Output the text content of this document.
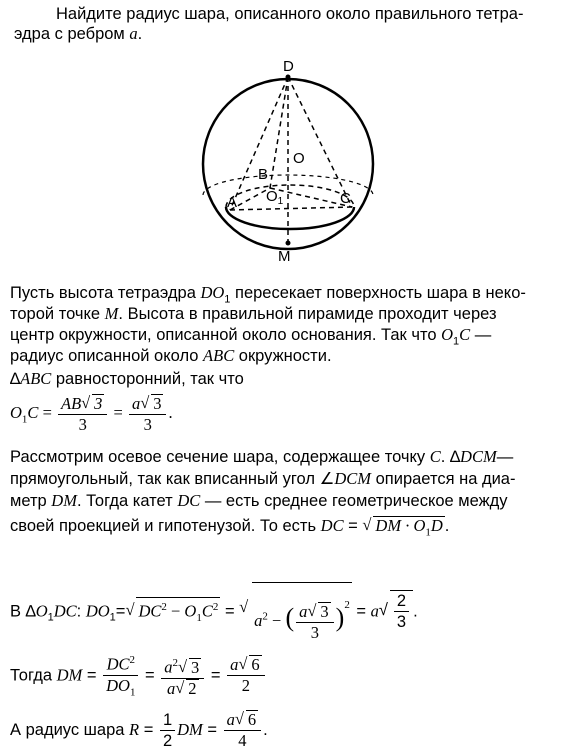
Найдите радиус шара, описанного около правильного тетра-
эдра с ребром a.
D
O
B
$O_1$
A	C
M
Пусть высота тетраэдра $DO_1$ пересекает поверхность шара в неко-
торой точке M. Высота в правильной пирамиде проходит через
центр окружности, описанной около основания. Так что $O_1C$ —
радиус описанной около ABC окружности.
∆ABC равносторонний, так что
$O_1C = \frac{AB√ 3}{3} = \frac{a√ 3}{3}$ .
Рассмотрим осевое сечение шара, содержащее точку C. ∆DCM—
прямоугольный, так как вписанный угол ∠DCM опирается на диа-
метр DM. Тогда катет DC — есть среднее геометрическое между
своей проекцией и гипотенузой. То есть DC = √ DM · $O_1D$ .
В $\Delta O_1DC$: $DO_1=√$ $DC^2 - O_1C^2$ = √ $a^2$ − ( $\frac{a√ 3}{3} )^2 = a$
√ $\frac{2}{3}$ .
Тогда DM = $\frac{DC^2}{DO_1} = \frac{a^2√ 3}{a√ 2} = \frac{a√ 6}{2}$
А радиус шара $R = \frac{1}{2}$ DM = $\frac{a√ 6}{4}$ .
